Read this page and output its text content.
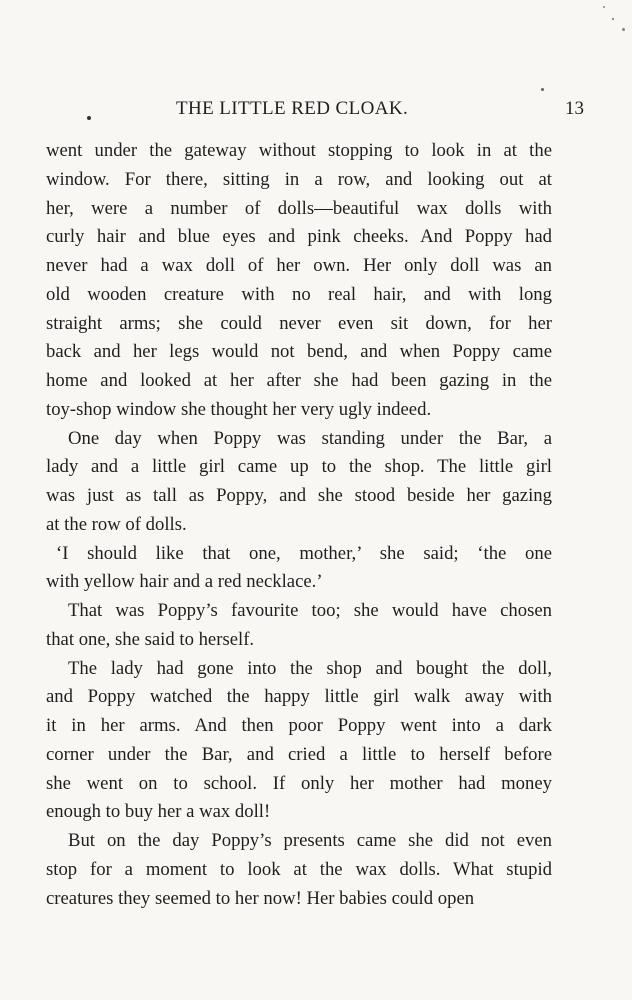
THE LITTLE RED CLOAK.	13
went under the gateway without stopping to look in at the
window. For there, sitting in a row, and looking out at
her, were a number of dolls—beautiful wax dolls with
curly hair and blue eyes and pink cheeks. And Poppy had
never had a wax doll of her own. Her only doll was an
old wooden creature with no real hair, and with long
straight arms; she could never even sit down, for her
back and her legs would not bend, and when Poppy came
home and looked at her after she had been gazing in the
toy-shop window she thought her very ugly indeed.
One day when Poppy was standing under the Bar, a
lady and a little girl came up to the shop. The little girl
was just as tall as Poppy, and she stood beside her gazing
at the row of dolls.
‘I should like that one, mother,’ she said; ‘the one
with yellow hair and a red necklace.’
That was Poppy’s favourite too; she would have chosen
that one, she said to herself.
The lady had gone into the shop and bought the doll,
and Poppy watched the happy little girl walk away with
it in her arms. And then poor Poppy went into a dark
corner under the Bar, and cried a little to herself before
she went on to school. If only her mother had money
enough to buy her a wax doll!
But on the day Poppy’s presents came she did not even
stop for a moment to look at the wax dolls. What stupid
creatures they seemed to her now! Her babies could open
